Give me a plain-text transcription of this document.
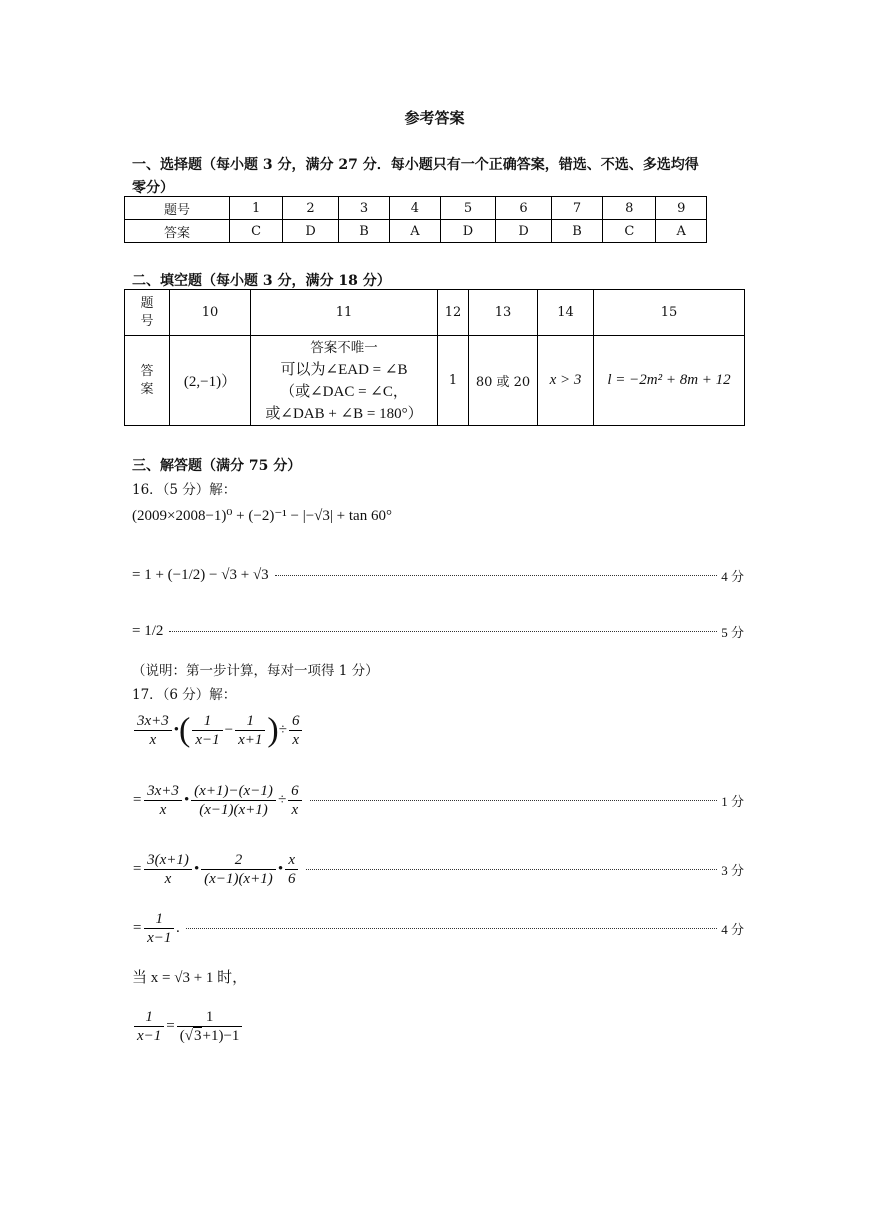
参考答案
一、选择题（每小题 3 分，满分 27 分．每小题只有一个正确答案，错选、不选、多选均得
零分）
题号	1	2	3	4	5	6	7	8	9
答案	C	D	B	A	D	D	B	C	A
二、填空题（每小题 3 分，满分 18 分）
题号	10	11	12	13	14	15
答案	(2,−1)）	答案不唯一
可以为∠EAD = ∠B
（或∠DAC = ∠C，
或∠DAB + ∠B = 180°）	1	80 或 20	x > 3	l = −2m² + 8m + 12
三、解答题（满分 75 分）
16．（5 分）解：
(2009×2008−1)⁰ + (−2)⁻¹ − |−√3| + tan 60°
= 1 + (−1/2) − √3 + √3	4 分
= 1/2	5 分
（说明：第一步计算，每对一项得 1 分）
17．（6 分）解：
$\frac{3x+3}{x}$ •( $\frac{1}{x-1} - \frac{1}{x+1}$ )÷ $\frac{6}{x}$
= $\frac{3x+3}{x}$ • $\frac{(x+1)-(x-1)}{(x-1)(x+1)} \div \frac{6}{x}$	1 分
= $\frac{3(x+1)}{x}$ • $\frac{2}{(x-1)(x+1)}$ • $\frac{x}{6}$	3 分
= $\frac{1}{x-1}$ .	4 分
当 x = √3 + 1 时，
$\frac{1}{x-1} = \frac{1}{(√3+1)-1}$
